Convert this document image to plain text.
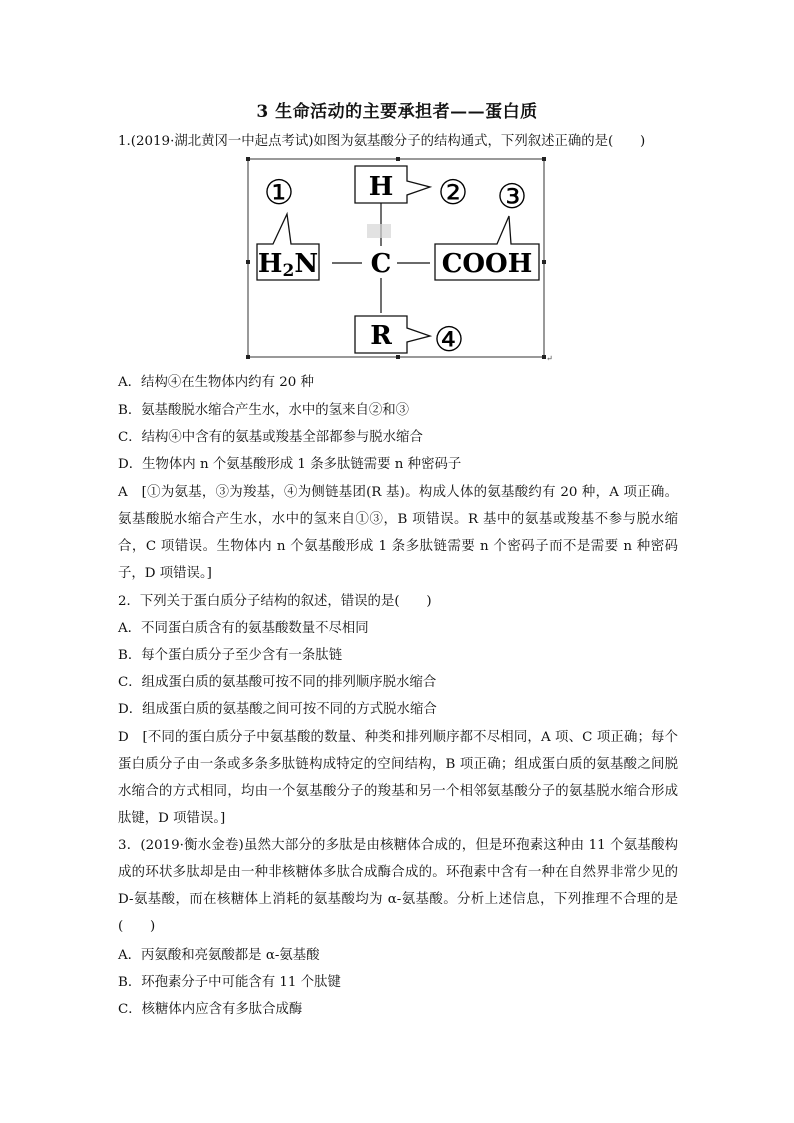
3 生命活动的主要承担者——蛋白质
1.(2019·湖北黄冈一中起点考试)如图为氨基酸分子的结构通式，下列叙述正确的是(　　)
H
H2N C COOH
R
①	② ③
④	↵
A．结构④在生物体内约有 20 种
B．氨基酸脱水缩合产生水，水中的氢来自②和③
C．结构④中含有的氨基或羧基全部都参与脱水缩合
D．生物体内 n 个氨基酸形成 1 条多肽链需要 n 种密码子
A　[①为氨基，③为羧基，④为侧链基团(R 基)。构成人体的氨基酸约有 20 种，A 项正确。氨基酸脱水缩合产生水，水中的氢来自①③，B 项错误。R 基中的氨基或羧基不参与脱水缩合，C 项错误。生物体内 n 个氨基酸形成 1 条多肽链需要 n 个密码子而不是需要 n 种密码子，D 项错误。]
2．下列关于蛋白质分子结构的叙述，错误的是(　　)
A．不同蛋白质含有的氨基酸数量不尽相同
B．每个蛋白质分子至少含有一条肽链
C．组成蛋白质的氨基酸可按不同的排列顺序脱水缩合
D．组成蛋白质的氨基酸之间可按不同的方式脱水缩合
D　[不同的蛋白质分子中氨基酸的数量、种类和排列顺序都不尽相同，A 项、C 项正确；每个蛋白质分子由一条或多条多肽链构成特定的空间结构，B 项正确；组成蛋白质的氨基酸之间脱水缩合的方式相同，均由一个氨基酸分子的羧基和另一个相邻氨基酸分子的氨基脱水缩合形成肽键，D 项错误。]
3．(2019·衡水金卷)虽然大部分的多肽是由核糖体合成的，但是环孢素这种由 11 个氨基酸构成的环状多肽却是由一种非核糖体多肽合成酶合成的。环孢素中含有一种在自然界非常少见的 D-氨基酸，而在核糖体上消耗的氨基酸均为 α-氨基酸。分析上述信息，下列推理不合理的是(　　)
A．丙氨酸和亮氨酸都是 α-氨基酸
B．环孢素分子中可能含有 11 个肽键
C．核糖体内应含有多肽合成酶
